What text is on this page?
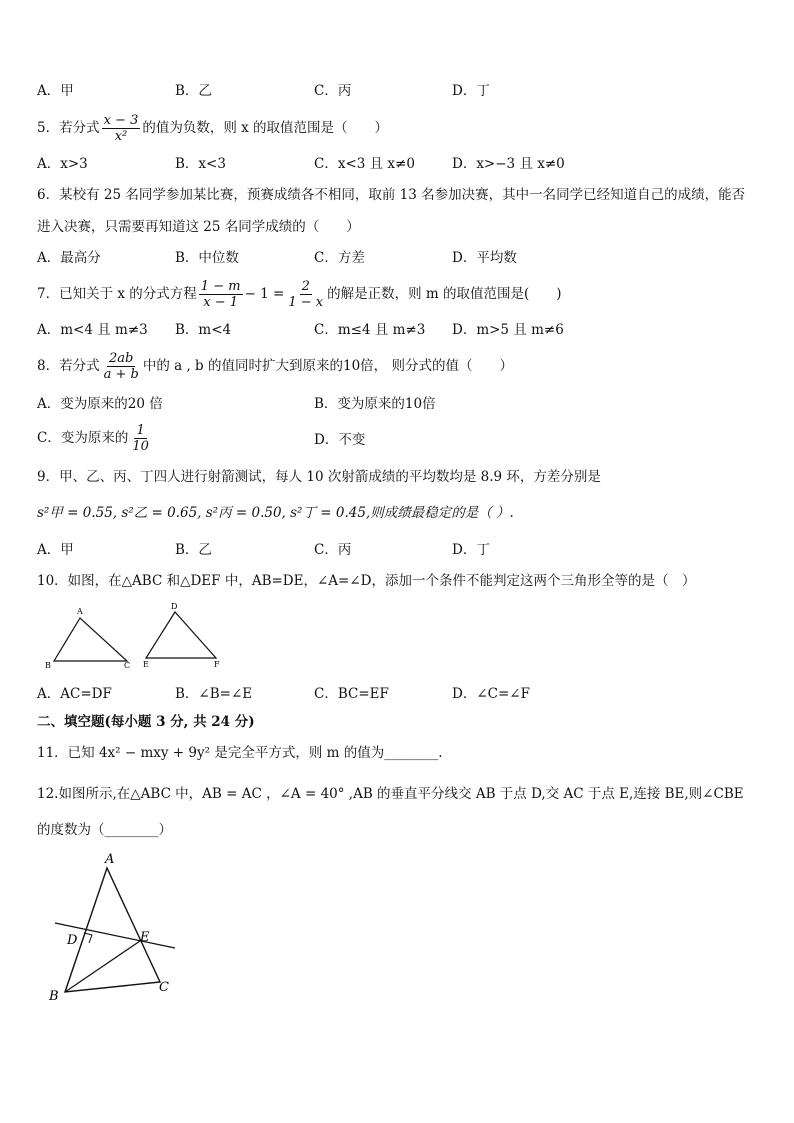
A．甲	B．乙	C．丙	D．丁
5．若分式 $\frac{x - 3}{\text{x²}}$ 的值为负数，则 x 的取值范围是（　　）
A．x>3	B．x<3	C．x<3 且 x≠0	D．x>−3 且 x≠0
6．某校有 25 名同学参加某比赛，预赛成绩各不相同，取前 13 名参加决赛，其中一名同学已经知道自己的成绩，能否
进入决赛，只需要再知道这 25 名同学成绩的（　　）
A．最高分	B．中位数	C．方差	D．平均数
7．已知关于 x 的分式方程 $\frac{1 - m}{x - 1} - 1 = \frac{2}{1 - x}$ 的解是正数，则 m 的取值范围是(　　)
A．m<4 且 m≠3 B．m<4	C．m≤4 且 m≠3 D．m>5 且 m≠6
8．若分式 $\frac{2ab}{a + b}$ 中的 a , b 的值同时扩大到原来的10倍， 则分式的值（　　）
A．变为原来的20 倍	B．变为原来的10倍
C．变为原来的 $\frac{1}{10}$	D．不变
9．甲、乙、丙、丁四人进行射箭测试，每人 10 次射箭成绩的平均数均是 8.9 环，方差分别是
s²甲 = 0.55, s²乙 = 0.65, s²丙 = 0.50, s²丁 = 0.45,则成绩最稳定的是（ ）.
A．甲	B．乙	C．丙	D．丁
10．如图，在△ABC 和△DEF 中，AB=DE，∠A=∠D，添加一个条件不能判定这两个三角形全等的是（　）
A
B	C
D
E	F
A．AC=DF	B．∠B=∠E	C．BC=EF	D．∠C=∠F
二、填空题(每小题 3 分, 共 24 分)
11．已知 4x² − mxy + 9y² 是完全平方式，则 m 的值为________.
12.如图所示,在△ABC 中，AB = AC ，∠A = 40° ,AB 的垂直平分线交 AB 于点 D,交 AC 于点 E,连接 BE,则∠CBE
的度数为（________）
A
D	E
B
C
